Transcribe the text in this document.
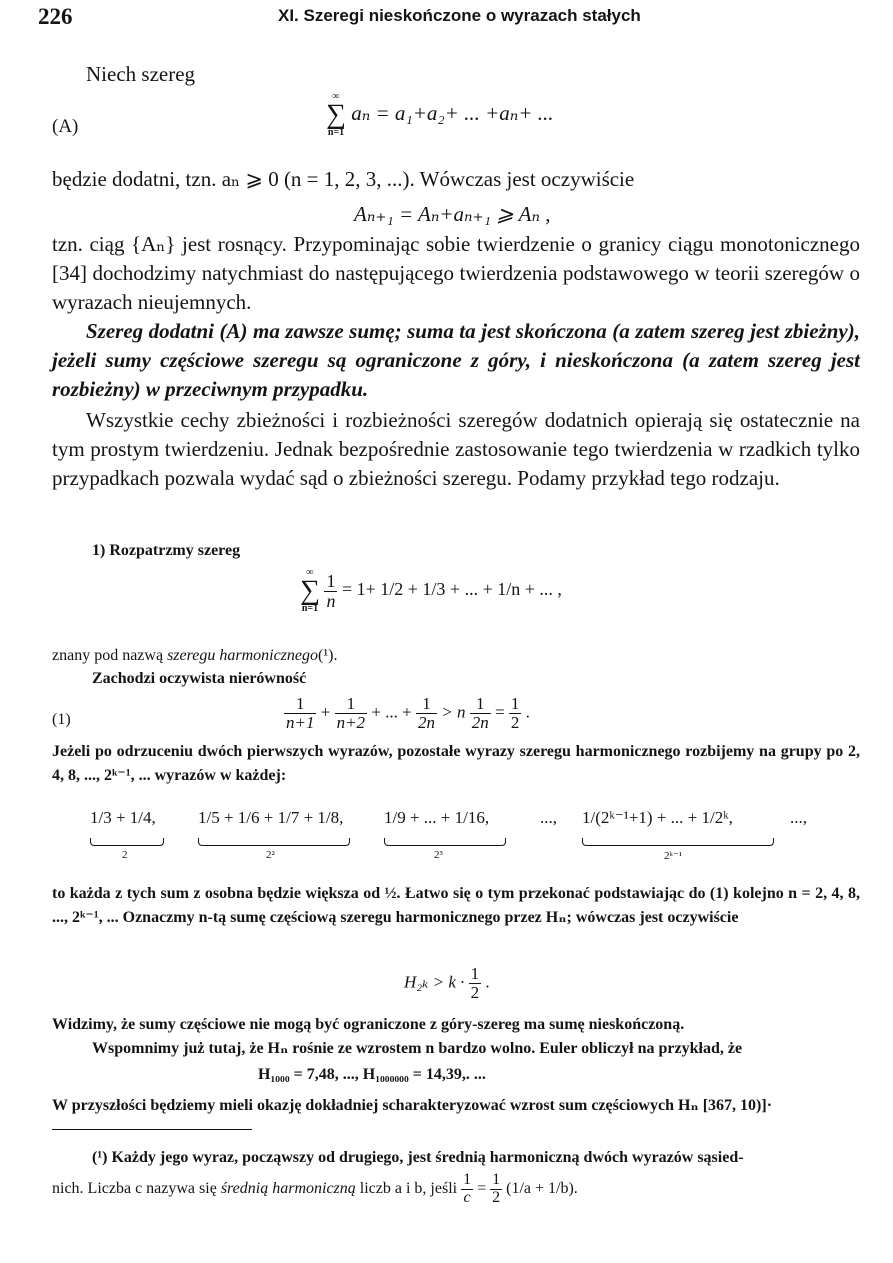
226	XI. Szeregi nieskończone o wyrazach stałych
Niech szereg
(A)
∞
∑
n=1
aₙ = a₁+a₂+ ... +aₙ+ ...
będzie dodatni, tzn. aₙ ⩾ 0 (n = 1, 2, 3, ...). Wówczas jest oczywiście
Aₙ₊₁ = Aₙ+aₙ₊₁ ⩾ Aₙ ,
tzn. ciąg {Aₙ} jest rosnący. Przypominając sobie twierdzenie o granicy ciągu monotonicznego [34] dochodzimy natychmiast do następującego twierdzenia podstawowego w teorii szeregów o wyrazach nieujemnych.
Szereg dodatni (A) ma zawsze sumę; suma ta jest skończona (a zatem szereg jest zbieżny), jeżeli sumy częściowe szeregu są ograniczone z góry, i nieskończona (a zatem szereg jest rozbieżny) w przeciwnym przypadku.
Wszystkie cechy zbieżności i rozbieżności szeregów dodatnich opierają się ostatecznie na tym prostym twierdzeniu. Jednak bezpośrednie zastosowanie tego twierdzenia w rzadkich tylko przypadkach pozwala wydać sąd o zbieżności szeregu. Podamy przykład tego rodzaju.
1) Rozpatrzmy szereg
∞
∑
n=1
$\frac{1}{n} = 1+ 1/2 + 1/3$ + ... + 1/n + ... ,
znany pod nazwą szeregu harmonicznego(¹).
Zachodzi oczywista nierówność
(1)	$\frac{1}{n+1} + \frac{1}{n+2}$ + ... + $\frac{1}{2n} > n \frac{1}{2n} = \frac{1}{2}$ .
Jeżeli po odrzuceniu dwóch pierwszych wyrazów, pozostałe wyrazy szeregu harmonicznego rozbijemy na grupy po 2, 4, 8, ..., 2ᵏ⁻¹, ... wyrazów w każdej:
1/3 + 1/4,
2
1/5 + 1/6 + 1/7 + 1/8,
2²
1/9 + ... + 1/16,
2³
..., 1/(2ᵏ⁻¹+1) + ... + 1/2ᵏ,
2ᵏ⁻¹
...,
to każda z tych sum z osobna będzie większa od ½. Łatwo się o tym przekonać podstawiając do (1) kolejno n = 2, 4, 8, ..., 2ᵏ⁻¹, ... Oznaczmy n-tą sumę częściową szeregu harmonicznego przez Hₙ; wówczas jest oczywiście
$H_{2k} > k \cdot \frac{1}{2}$ .
Widzimy, że sumy częściowe nie mogą być ograniczone z góry-szereg ma sumę nieskończoną.
Wspomnimy już tutaj, że Hₙ rośnie ze wzrostem n bardzo wolno. Euler obliczył na przykład, że
H₁₀₀₀ = 7,48, ..., H₁₀₀₀₀₀₀ = 14,39,. ...
W przyszłości będziemy mieli okazję dokładniej scharakteryzować wzrost sum częściowych Hₙ [367, 10)]·
(¹) Każdy jego wyraz, począwszy od drugiego, jest średnią harmoniczną dwóch wyrazów sąsied-
nich. Liczba c nazywa się średnią harmoniczną liczb a i b, jeśli $\frac{1}{c} = \frac{1}{2} (1/a + 1/b)$.
